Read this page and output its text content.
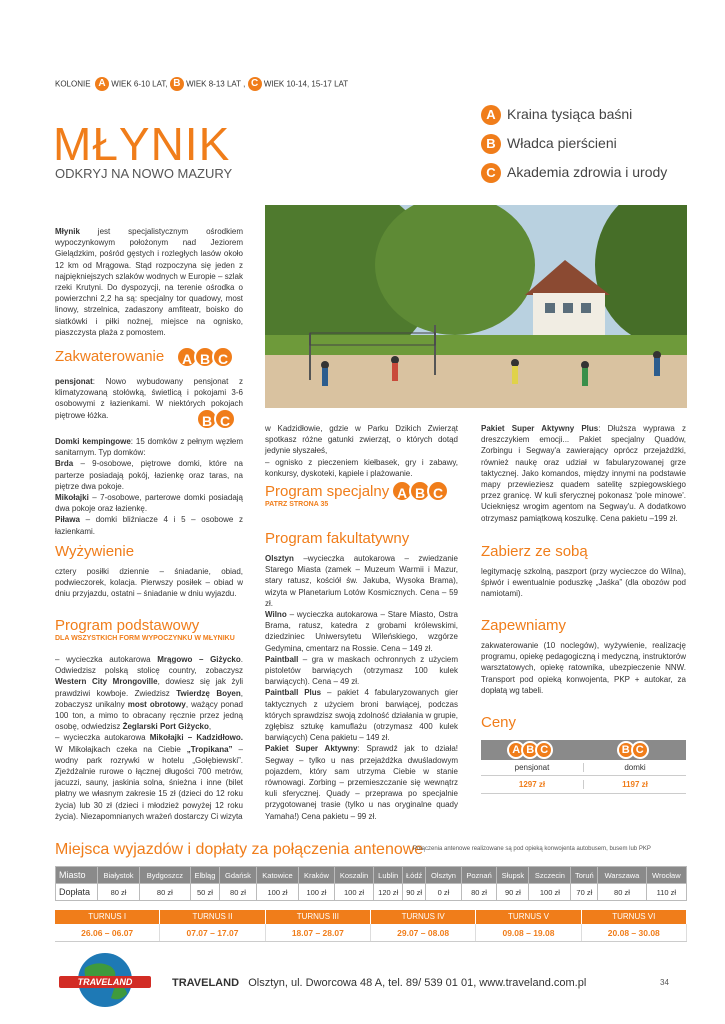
KOLONIE A WIEK 6-10 LAT, B WIEK 8-13 LAT , C WIEK 10-14, 15-17 LAT
MŁYNIK
ODKRYJ NA NOWO MAZURY
A Kraina tysiąca baśni
B Władca pierścieni
C Akademia zdrowia i urody
Młynik jest specjalistycznym ośrodkiem wypoczynkowym położonym nad Jeziorem Gielądzkim, pośród gęstych i rozległych lasów około 12 km od Mrągowa. Stąd rozpoczyna się jeden z najpiękniejszych szlaków wodnych w Europie – szlak rzeki Krutyni. Do dyspozycji, na terenie ośrodka o powierzchni 2,2 ha są: specjalny tor quadowy, most linowy, strzelnica, zadaszony amfiteatr, boisko do siatkówki i piłki nożnej, miejsce na ognisko, piaszczysta plaża z pomostem.
Zakwaterowanie A B C
pensjonat: Nowo wybudowany pensjonat z klimatyzowaną stołówką, świetlicą i pokojami 3-6 osobowymi z łazienkami. W niektórych pokojach piętrowe łóżka.	B C
Domki kempingowe: 15 domków z pełnym węzłem sanitarnym. Typ domków:
Brda – 9-osobowe, piętrowe domki, które na parterze posiadają pokój, łazienkę oraz taras, na piętrze dwa pokoje.
Mikołajki – 7-osobowe, parterowe domki posiadają dwa pokoje oraz łazienkę.
Piława – domki bliźniacze 4 i 5 – osobowe z łazienkami.
Wyżywienie
cztery posiłki dziennie – śniadanie, obiad, podwieczorek, kolacja. Pierwszy posiłek – obiad w dniu przyjazdu, ostatni – śniadanie w dniu wyjazdu.
Program podstawowy
DLA WSZYSTKICH FORM WYPOCZYNKU W MŁYNIKU
– wycieczka autokarowa Mrągowo – Giżycko. Odwiedzisz polską stolicę country, zobaczysz Western City Mrongoville, dowiesz się jak żyli prawdziwi kowboje. Zwiedzisz Twierdzę Boyen, zobaczysz unikalny most obrotowy, ważący ponad 100 ton, a mimo to obracany ręcznie przez jedną osobę, odwiedzisz Żeglarski Port Giżycko,
– wycieczka autokarowa Mikołajki – Kadzidłowo. W Mikołajkach czeka na Ciebie „Tropikana” – wodny park rozrywki w hotelu „Gołębiewski”. Zjeżdżalnie rurowe o łącznej długości 700 metrów, jacuzzi, sauny, jaskinia solna, śnieżna i inne (bilet płatny we własnym zakresie 15 zł (dzieci do 12 roku życia) lub 30 zł (dzieci i młodzież powyżej 12 roku życia). Niezapomnianych wrażeń dostarczy Ci wizyta
w Kadzidłowie, gdzie w Parku Dzikich Zwierząt spotkasz różne gatunki zwierząt, o których dotąd jedynie słyszałeś,
– ognisko z pieczeniem kiełbasek, gry i zabawy, konkursy, dyskoteki, kąpiele i plażowanie.
Program specjalny
PATRZ STRONA 35
A B C
Program fakultatywny
Olsztyn –wycieczka autokarowa – zwiedzanie Starego Miasta (zamek – Muzeum Warmii i Mazur, stary ratusz, kościół św. Jakuba, Wysoka Brama), wizyta w Planetarium Lotów Kosmicznych. Cena – 59 zł.
Wilno – wycieczka autokarowa – Stare Miasto, Ostra Brama, ratusz, katedra z grobami królewskimi, dziedziniec Uniwersytetu Wileńskiego, wzgórze Gedymina, cmentarz na Rossie. Cena – 149 zł.
Paintball – gra w maskach ochronnych z użyciem pistoletów barwiących (otrzymasz 100 kulek barwiących). Cena – 49 zł.
Paintball Plus – pakiet 4 fabularyzowanych gier taktycznych z użyciem broni barwiącej, podczas których sprawdzisz swoją zdolność działania w grupie, zgłębisz sztukę kamuflażu (otrzymasz 400 kulek barwiących) Cena pakietu – 149 zł.
Pakiet Super Aktywny: Sprawdź jak to działa! Segway – tylko u nas przejażdżka dwuśladowym pojazdem, który sam utrzyma Ciebie w stanie równowagi. Zorbing – przemieszczanie się wewnątrz kuli sferycznej. Quady – przeprawa po specjalnie przygotowanej trasie (tylko u nas oryginalne quady Yamaha!) Cena pakietu – 99 zł.
Pakiet Super Aktywny Plus: Dłuższa wyprawa z dreszczykiem emocji... Pakiet specjalny Quadów, Zorbingu i Segway'a zawierający oprócz przejażdżki, również naukę oraz udział w fabularyzowanej grze taktycznej. Jako komandos, między innymi na podstawie mapy przewieziesz quadem satelitę szpiegowskiego przez granicę. W kuli sferycznej pokonasz 'pole minowe'. Ucieknięsz wrogim agentom na Segway'u. A dodatkowo otrzymasz pamiątkową koszulkę. Cena pakietu –199 zł.
Zabierz ze sobą
legitymację szkolną, paszport (przy wycieczce do Wilna), śpiwór i ewentualnie poduszkę „Jaśka” (dla obozów pod namiotami).
Zapewniamy
zakwaterowanie (10 noclegów), wyżywienie, realizację programu, opiekę pedagogiczną i medyczną, instruktorów warsztatowych, opiekę ratownika, ubezpieczenie NNW. Transport pod opieką konwojenta, PKP + autokar, za dopłatą wg tabeli.
Ceny
A B C	B C
pensjonat	domki
1297 zł	1197 zł
Miejsca wyjazdów i dopłaty za połączenia antenowe
Połączenia antenowe realizowane są pod opieką konwojenta autobusem, busem lub PKP
Miasto	Białystok	Bydgoszcz	Elbląg	Gdańsk	Katowice	Kraków	Koszalin	Lublin	Łódź	Olsztyn	Poznań	Słupsk	Szczecin	Toruń	Warszawa	Wrocław
Dopłata	80 zł	80 zł	50 zł	80 zł	100 zł	100 zł	100 zł	120 zł	90 zł	0 zł	80 zł	90 zł	100 zł	70 zł	80 zł	110 zł
TURNUS I	TURNUS II	TURNUS III	TURNUS IV	TURNUS V	TURNUS VI
26.06 – 06.07	07.07 – 17.07	18.07 – 28.07	29.07 – 08.08	09.08 – 19.08	20.08 – 30.08
TRAVELAND	TRAVELAND Olsztyn, ul. Dworcowa 48 A, tel. 89/ 539 01 01, www.traveland.com.pl	34
